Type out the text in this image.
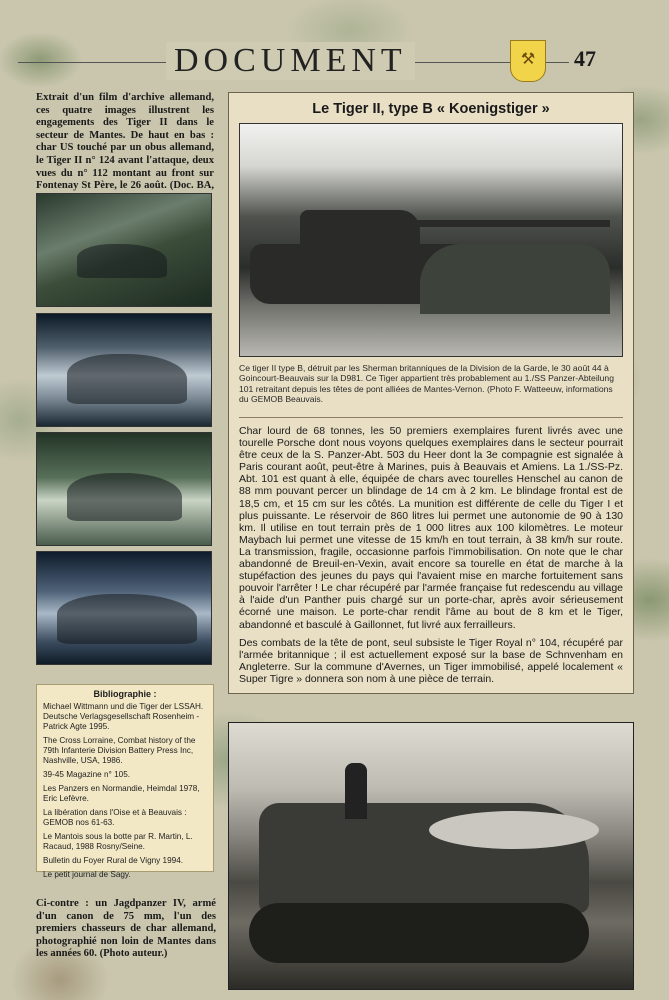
DOCUMENT	⚒	47
Extrait d'un film d'archive allemand, ces quatre images illustrent les engagements des Tiger II dans le secteur de Mantes. De haut en bas : char US touché par un obus allemand, le Tiger II n° 124 avant l'attaque, deux vues du n° 112 montant au front sur Fontenay St Père, le 26 août. (Doc. BA,
Bibliographie :

Michael Wittmann und die Tiger der LSSAH. Deutsche Verlagsgesellschaft Rosenheim - Patrick Agte 1995.

The Cross Lorraine, Combat history of the 79th Infanterie Division Battery Press Inc, Nashville, USA, 1986.

39-45 Magazine n° 105.

Les Panzers en Normandie, Heimdal 1978, Eric Lefèvre.

La libération dans l'Oise et à Beauvais : GEMOB nos 61-63.

Le Mantois sous la botte par R. Martin, L. Racaud, 1988 Rosny/Seine.

Bulletin du Foyer Rural de Vigny 1994.

Le petit journal de Sagy.

Ci-contre : un Jagdpanzer IV, armé d'un canon de 75 mm, l'un des premiers chasseurs de char allemand, photographié non loin de Mantes dans les années 60. (Photo auteur.)
Le Tiger II, type B « Koenigstiger »
Ce tiger II type B, détruit par les Sherman britanniques de la Division de la Garde, le 30 août 44 à Goincourt-Beauvais sur la D981. Ce Tiger appartient très probablement au 1./SS Panzer-Abteilung 101 retraitant depuis les têtes de pont alliées de Mantes-Vernon. (Photo F. Watteeuw, informations du GEMOB Beauvais.

Char lourd de 68 tonnes, les 50 premiers exemplaires furent livrés avec une tourelle Porsche dont nous voyons quelques exemplaires dans le secteur pourrait être ceux de la S. Panzer-Abt. 503 du Heer dont la 3e compagnie est signalée à Paris courant août, peut-être à Marines, puis à Beauvais et Amiens. La 1./SS-Pz. Abt. 101 est quant à elle, équipée de chars avec tourelles Henschel au canon de 88 mm pouvant percer un blindage de 14 cm à 2 km. Le blindage frontal est de 18,5 cm, et 15 cm sur les côtés. La munition est différente de celle du Tiger I et plus puissante. Le réservoir de 860 litres lui permet une autonomie de 90 à 130 km. Il utilise en tout terrain près de 1 000 litres aux 100 kilomètres. Le moteur Maybach lui permet une vitesse de 15 km/h en tout terrain, à 38 km/h sur route. La transmission, fragile, occasionne parfois l'immobilisation. On note que le char abandonné de Breuil-en-Vexin, avait encore sa tourelle en état de marche à la stupéfaction des jeunes du pays qui l'avaient mise en marche fortuitement sans pouvoir l'arrêter ! Le char récupéré par l'armée française fut redescendu au village à l'aide d'un Panther puis chargé sur un porte-char, après avoir sérieusement écorné une maison. Le porte-char rendit l'âme au bout de 8 km et le Tiger, abandonné et basculé à Gaillonnet, fut livré aux ferrailleurs.

Des combats de la tête de pont, seul subsiste le Tiger Royal n° 104, récupéré par l'armée britannique ; il est actuellement exposé sur la base de Schnvenham en Angleterre. Sur la commune d'Avernes, un Tiger immobilisé, appelé localement « Super Tigre » donnera son nom à une pièce de terrain.
